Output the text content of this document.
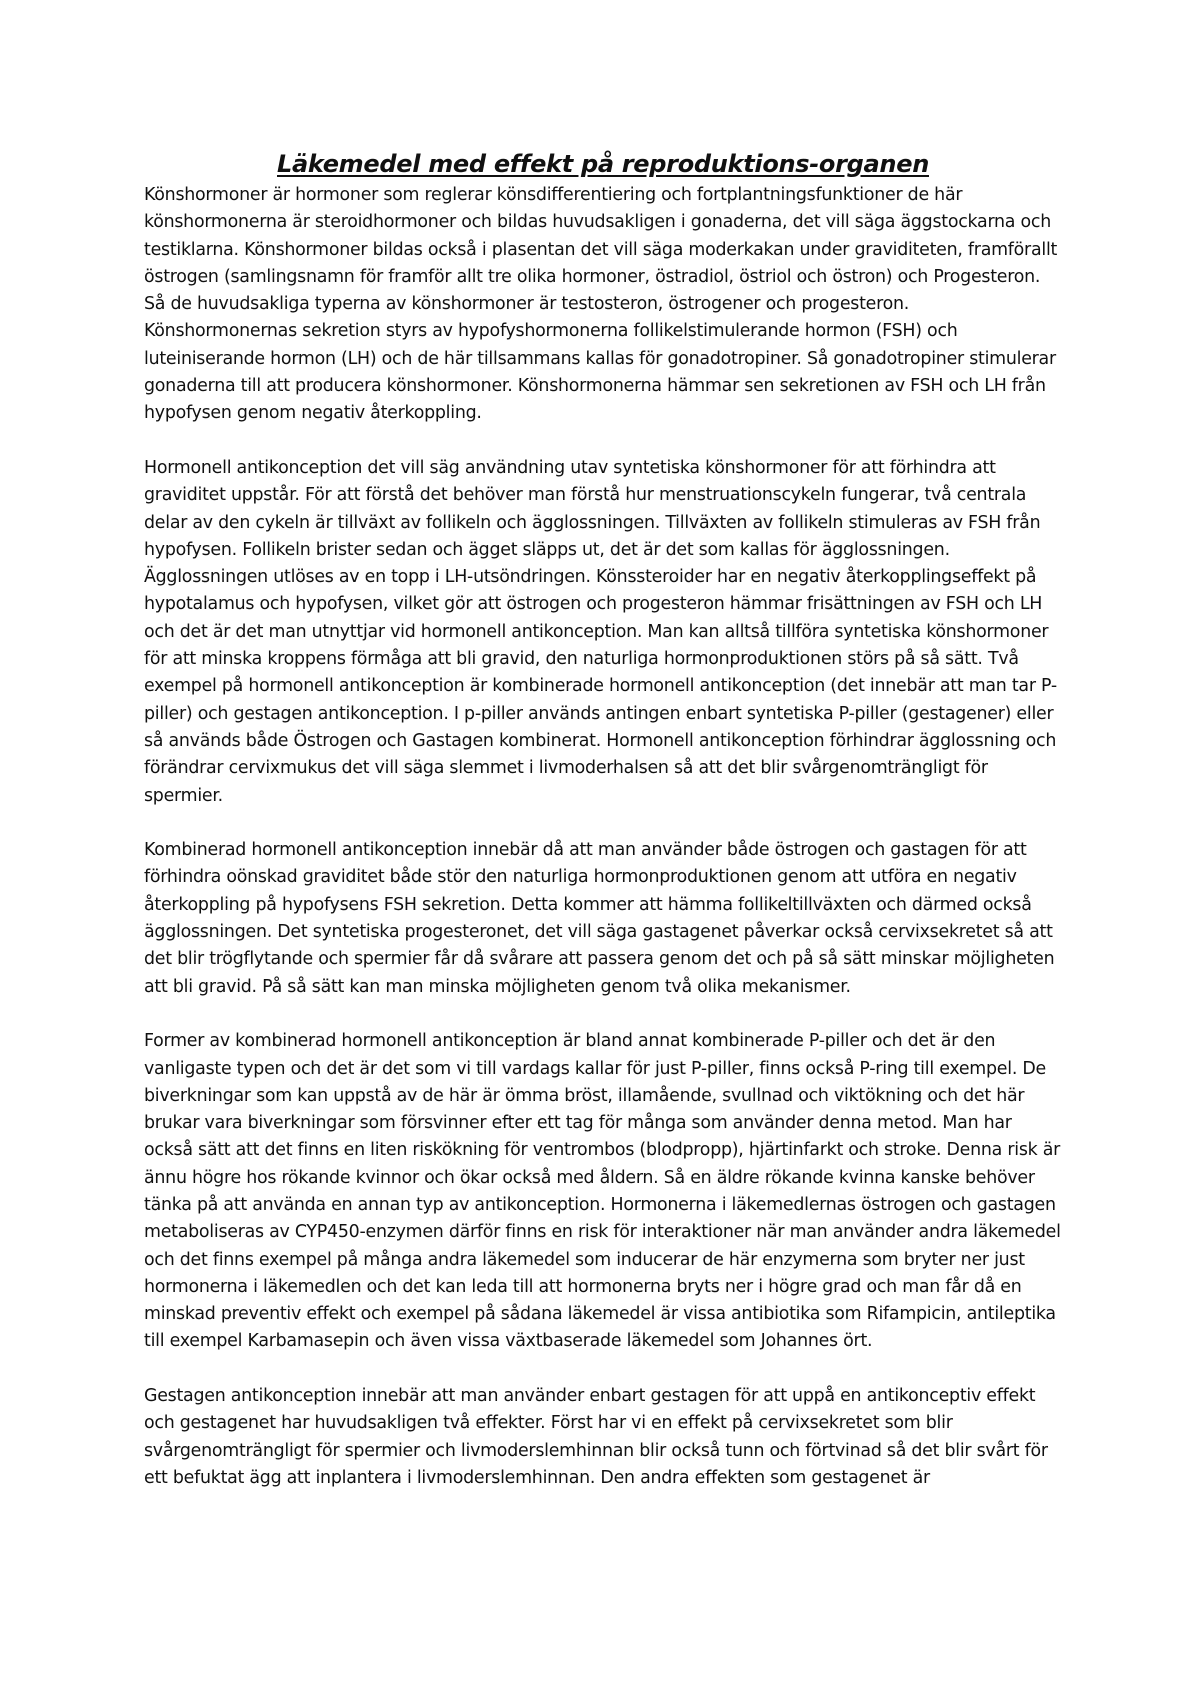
Läkemedel med effekt på reproduktions-organen

Könshormoner är hormoner som reglerar könsdifferentiering och fortplantningsfunktioner de här könshormonerna är steroidhormoner och bildas huvudsakligen i gonaderna, det vill säga äggstockarna och testiklarna. Könshormoner bildas också i plasentan det vill säga moderkakan under graviditeten, framförallt östrogen (samlingsnamn för framför allt tre olika hormoner, östradiol, östriol och östron) och Progesteron. Så de huvudsakliga typerna av könshormoner är testosteron, östrogener och progesteron. Könshormonernas sekretion styrs av hypofyshormonerna follikelstimulerande hormon (FSH) och luteiniserande hormon (LH) och de här tillsammans kallas för gonadotropiner. Så gonadotropiner stimulerar gonaderna till att producera könshormoner. Könshormonerna hämmar sen sekretionen av FSH och LH från hypofysen genom negativ återkoppling.

Hormonell antikonception det vill säg användning utav syntetiska könshormoner för att förhindra att graviditet uppstår. För att förstå det behöver man förstå hur menstruationscykeln fungerar, två centrala delar av den cykeln är tillväxt av follikeln och ägglossningen. Tillväxten av follikeln stimuleras av FSH från hypofysen. Follikeln brister sedan och ägget släpps ut, det är det som kallas för ägglossningen. Ägglossningen utlöses av en topp i LH-utsöndringen. Könssteroider har en negativ återkopplingseffekt på hypotalamus och hypofysen, vilket gör att östrogen och progesteron hämmar frisättningen av FSH och LH och det är det man utnyttjar vid hormonell antikonception. Man kan alltså tillföra syntetiska könshormoner för att minska kroppens förmåga att bli gravid, den naturliga hormonproduktionen störs på så sätt. Två exempel på hormonell antikonception är kombinerade hormonell antikonception (det innebär att man tar P-piller) och gestagen antikonception. I p-piller används antingen enbart syntetiska P-piller (gestagener) eller så används både Östrogen och Gastagen kombinerat. Hormonell antikonception förhindrar ägglossning och förändrar cervixmukus det vill säga slemmet i livmoderhalsen så att det blir svårgenomträngligt för spermier.

Kombinerad hormonell antikonception innebär då att man använder både östrogen och gastagen för att förhindra oönskad graviditet både stör den naturliga hormonproduktionen genom att utföra en negativ återkoppling på hypofysens FSH sekretion. Detta kommer att hämma follikeltillväxten och därmed också ägglossningen. Det syntetiska progesteronet, det vill säga gastagenet påverkar också cervixsekretet så att det blir trögflytande och spermier får då svårare att passera genom det och på så sätt minskar möjligheten att bli gravid. På så sätt kan man minska möjligheten genom två olika mekanismer.

Former av kombinerad hormonell antikonception är bland annat kombinerade P-piller och det är den vanligaste typen och det är det som vi till vardags kallar för just P-piller, finns också P-ring till exempel. De biverkningar som kan uppstå av de här är ömma bröst, illamående, svullnad och viktökning och det här brukar vara biverkningar som försvinner efter ett tag för många som använder denna metod. Man har också sätt att det finns en liten riskökning för ventrombos (blodpropp), hjärtinfarkt och stroke. Denna risk är ännu högre hos rökande kvinnor och ökar också med åldern. Så en äldre rökande kvinna kanske behöver tänka på att använda en annan typ av antikonception. Hormonerna i läkemedlernas östrogen och gastagen metaboliseras av CYP450-enzymen därför finns en risk för interaktioner när man använder andra läkemedel och det finns exempel på många andra läkemedel som inducerar de här enzymerna som bryter ner just hormonerna i läkemedlen och det kan leda till att hormonerna bryts ner i högre grad och man får då en minskad preventiv effekt och exempel på sådana läkemedel är vissa antibiotika som Rifampicin, antileptika till exempel Karbamasepin och även vissa växtbaserade läkemedel som Johannes ört.

Gestagen antikonception innebär att man använder enbart gestagen för att uppå en antikonceptiv effekt och gestagenet har huvudsakligen två effekter. Först har vi en effekt på cervixsekretet som blir svårgenomträngligt för spermier och livmoderslemhinnan blir också tunn och förtvinad så det blir svårt för ett befuktat ägg att inplantera i livmoderslemhinnan. Den andra effekten som gestagenet är
